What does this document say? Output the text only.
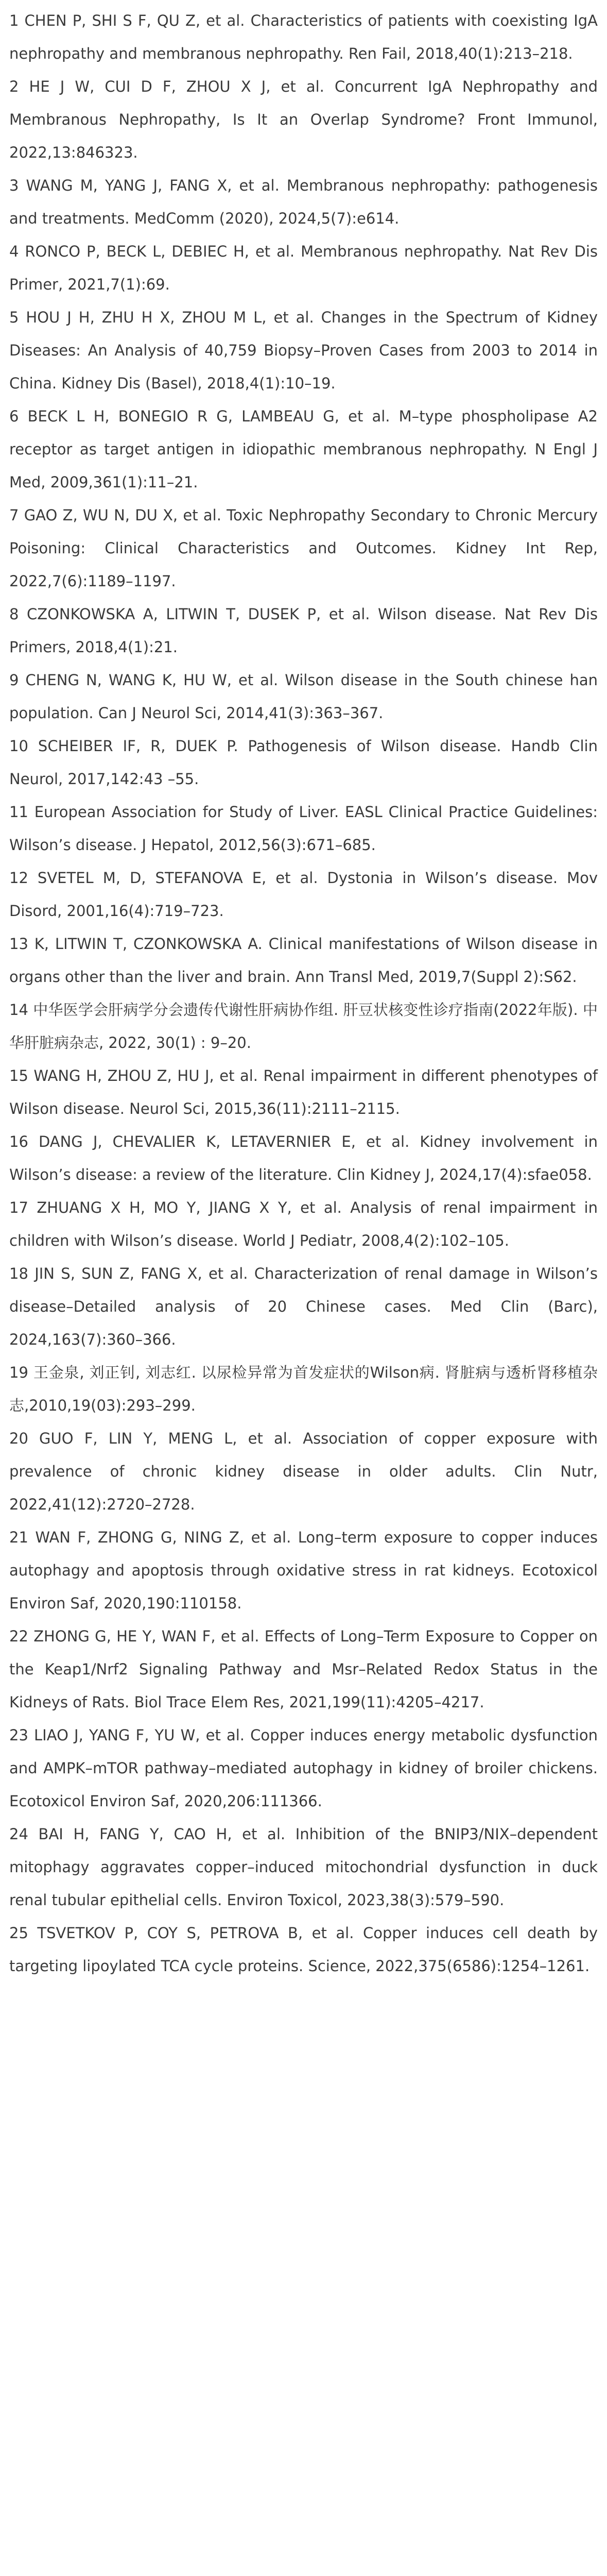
1 CHEN P, SHI S F, QU Z, et al. Characteristics of patients with coexisting IgA nephropathy and membranous nephropathy. Ren Fail, 2018,40(1):213–218.

2 HE J W, CUI D F, ZHOU X J, et al. Concurrent IgA Nephropathy and Membranous Nephropathy, Is It an Overlap Syndrome? Front Immunol, 2022,13:846323.

3 WANG M, YANG J, FANG X, et al. Membranous nephropathy: pathogenesis and treatments. MedComm (2020), 2024,5(7):e614.

4 RONCO P, BECK L, DEBIEC H, et al. Membranous nephropathy. Nat Rev Dis Primer, 2021,7(1):69.

5 HOU J H, ZHU H X, ZHOU M L, et al. Changes in the Spectrum of Kidney Diseases: An Analysis of 40,759 Biopsy–Proven Cases from 2003 to 2014 in China. Kidney Dis (Basel), 2018,4(1):10–19.

6 BECK L H, BONEGIO R G, LAMBEAU G, et al. M–type phospholipase A2 receptor as target antigen in idiopathic membranous nephropathy. N Engl J Med, 2009,361(1):11–21.

7 GAO Z, WU N, DU X, et al. Toxic Nephropathy Secondary to Chronic Mercury Poisoning: Clinical Characteristics and Outcomes. Kidney Int Rep, 2022,7(6):1189–1197.

8 CZONKOWSKA A, LITWIN T, DUSEK P, et al. Wilson disease. Nat Rev Dis Primers, 2018,4(1):21.

9 CHENG N, WANG K, HU W, et al. Wilson disease in the South chinese han population. Can J Neurol Sci, 2014,41(3):363–367.

10 SCHEIBER IF, R, DUEK P. Pathogenesis of Wilson disease. Handb Clin Neurol, 2017,142:43 –55.

11 European Association for Study of Liver. EASL Clinical Practice Guidelines: Wilson’s disease. J Hepatol, 2012,56(3):671–685.

12 SVETEL M, D, STEFANOVA E, et al. Dystonia in Wilson’s disease. Mov Disord, 2001,16(4):719–723.

13 K, LITWIN T, CZONKOWSKA A. Clinical manifestations of Wilson disease in organs other than the liver and brain. Ann Transl Med, 2019,7(Suppl 2):S62.

14 中华医学会肝病学分会遗传代谢性肝病协作组. 肝豆状核变性诊疗指南(2022年版). 中华肝脏病杂志, 2022, 30(1) : 9–20.

15 WANG H, ZHOU Z, HU J, et al. Renal impairment in different phenotypes of Wilson disease. Neurol Sci, 2015,36(11):2111–2115.

16 DANG J, CHEVALIER K, LETAVERNIER E, et al. Kidney involvement in Wilson’s disease: a review of the literature. Clin Kidney J, 2024,17(4):sfae058.

17 ZHUANG X H, MO Y, JIANG X Y, et al. Analysis of renal impairment in children with Wilson’s disease. World J Pediatr, 2008,4(2):102–105.

18 JIN S, SUN Z, FANG X, et al. Characterization of renal damage in Wilson’s disease–Detailed analysis of 20 Chinese cases. Med Clin (Barc), 2024,163(7):360–366.

19 王金泉, 刘正钊, 刘志红. 以尿检异常为首发症状的Wilson病. 肾脏病与透析肾移植杂志,2010,19(03):293–299.

20 GUO F, LIN Y, MENG L, et al. Association of copper exposure with prevalence of chronic kidney disease in older adults. Clin Nutr, 2022,41(12):2720–2728.

21 WAN F, ZHONG G, NING Z, et al. Long–term exposure to copper induces autophagy and apoptosis through oxidative stress in rat kidneys. Ecotoxicol Environ Saf, 2020,190:110158.

22 ZHONG G, HE Y, WAN F, et al. Effects of Long–Term Exposure to Copper on the Keap1/Nrf2 Signaling Pathway and Msr–Related Redox Status in the Kidneys of Rats. Biol Trace Elem Res, 2021,199(11):4205–4217.

23 LIAO J, YANG F, YU W, et al. Copper induces energy metabolic dysfunction and AMPK–mTOR pathway–mediated autophagy in kidney of broiler chickens. Ecotoxicol Environ Saf, 2020,206:111366.

24 BAI H, FANG Y, CAO H, et al. Inhibition of the BNIP3/NIX–dependent mitophagy aggravates copper–induced mitochondrial dysfunction in duck renal tubular epithelial cells. Environ Toxicol, 2023,38(3):579–590.

25 TSVETKOV P, COY S, PETROVA B, et al. Copper induces cell death by targeting lipoylated TCA cycle proteins. Science, 2022,375(6586):1254–1261.
